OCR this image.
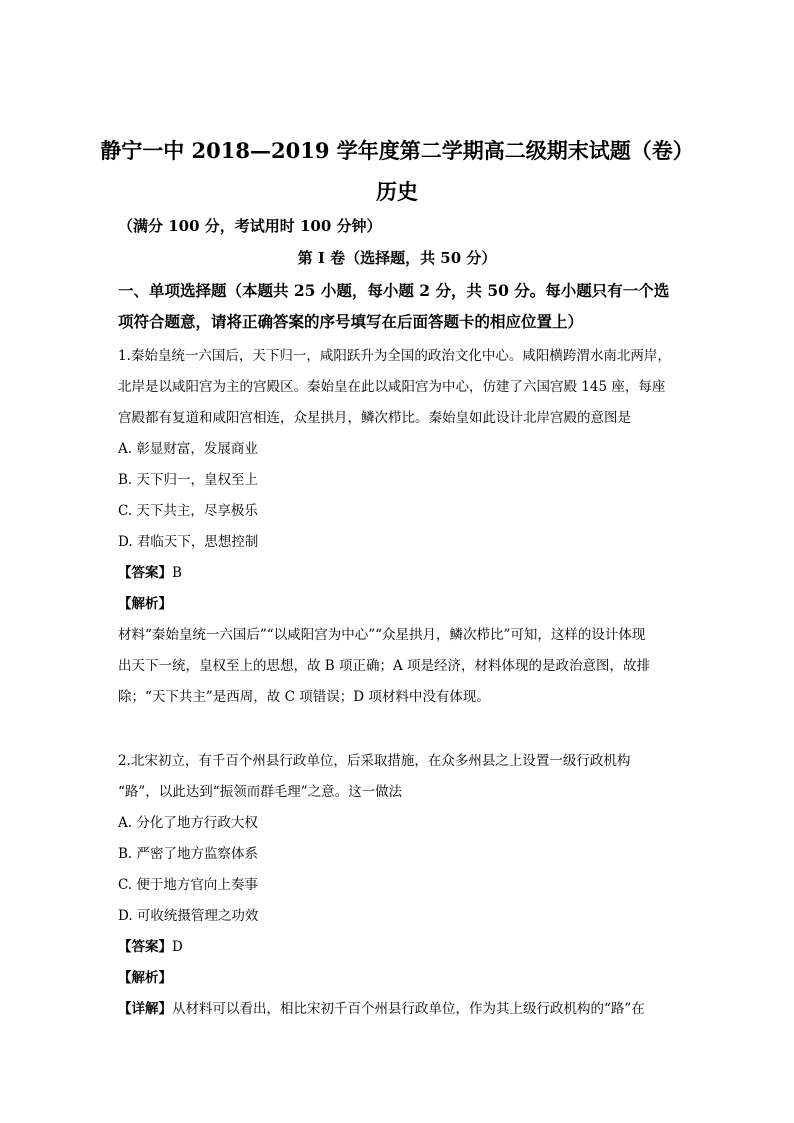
静宁一中 2018—2019 学年度第二学期高二级期末试题（卷）
历史
（满分 100 分，考试用时 100 分钟）
第 I 卷（选择题，共 50 分）
一、单项选择题（本题共 25 小题，每小题 2 分，共 50 分。每小题只有一个选
项符合题意，请将正确答案的序号填写在后面答题卡的相应位置上）
1.秦始皇统一六国后，天下归一，咸阳跃升为全国的政治文化中心。咸阳横跨渭水南北两岸，
北岸是以咸阳宫为主的宫殿区。秦始皇在此以咸阳宫为中心，仿建了六国宫殿 145 座，每座
宫殿都有复道和咸阳宫相连，众星拱月，鳞次栉比。秦始皇如此设计北岸宫殿的意图是
A. 彰显财富，发展商业
B. 天下归一，皇权至上
C. 天下共主，尽享极乐
D. 君临天下，思想控制
【答案】B
【解析】
材料“秦始皇统一六国后”“以咸阳宫为中心”“众星拱月，鳞次栉比”可知，这样的设计体现
出天下一统，皇权至上的思想，故 B 项正确；A 项是经济，材料体现的是政治意图，故排
除；“天下共主”是西周，故 C 项错误；D 项材料中没有体现。
2.北宋初立，有千百个州县行政单位，后采取措施，在众多州县之上设置一级行政机构
“路”，以此达到“振领而群毛理”之意。这一做法
A. 分化了地方行政大权
B. 严密了地方监察体系
C. 便于地方官向上奏事
D. 可收统摄管理之功效
【答案】D
【解析】
【详解】从材料可以看出，相比宋初千百个州县行政单位，作为其上级行政机构的“路”在
